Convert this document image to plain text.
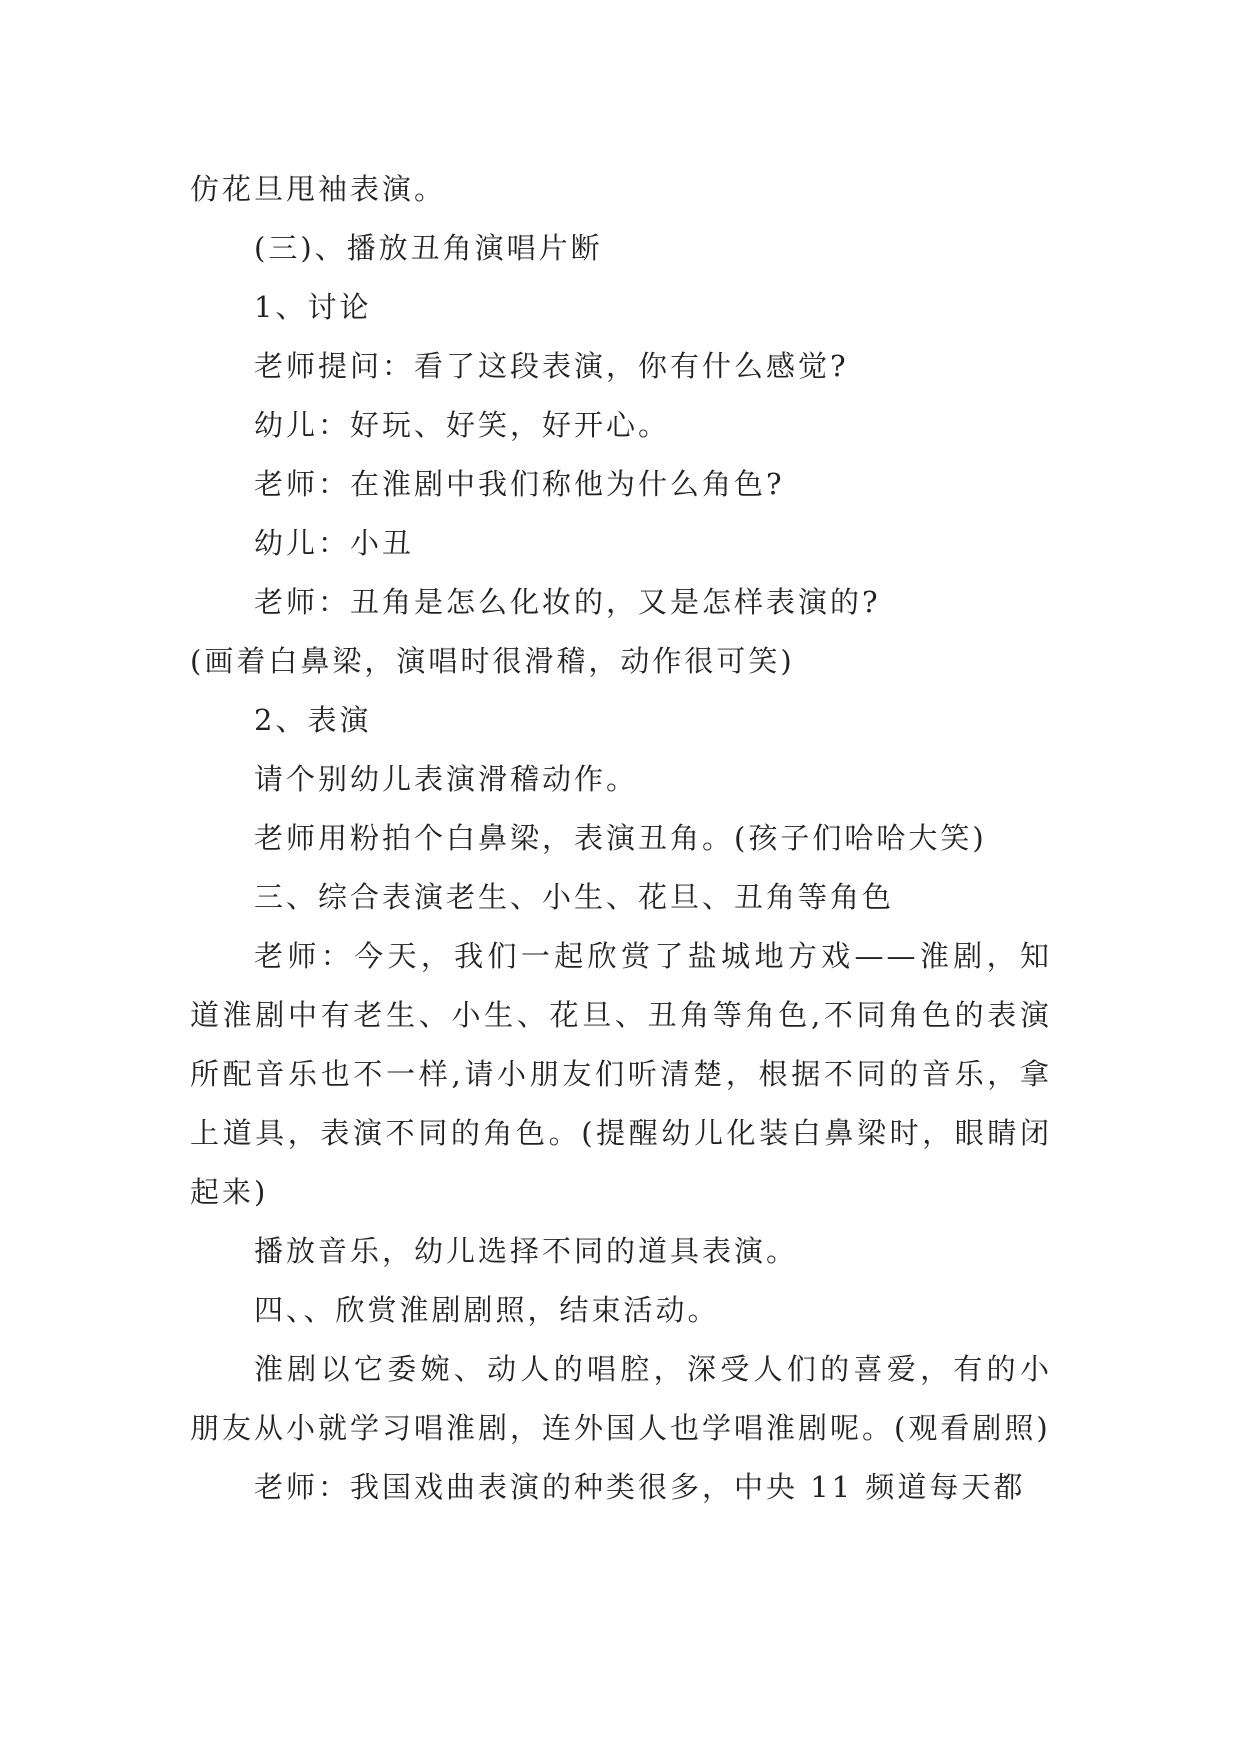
仿花旦甩袖表演。

(三)、播放丑角演唱片断

1、讨论

老师提问：看了这段表演，你有什么感觉?

幼儿：好玩、好笑，好开心。

老师：在淮剧中我们称他为什么角色?

幼儿：小丑

老师：丑角是怎么化妆的，又是怎样表演的?

(画着白鼻梁，演唱时很滑稽，动作很可笑)

2、表演

请个别幼儿表演滑稽动作。

老师用粉拍个白鼻梁，表演丑角。(孩子们哈哈大笑)

三、综合表演老生、小生、花旦、丑角等角色

老师：今天，我们一起欣赏了盐城地方戏——淮剧，知道淮剧中有老生、小生、花旦、丑角等角色,不同角色的表演所配音乐也不一样,请小朋友们听清楚，根据不同的音乐，拿上道具，表演不同的角色。(提醒幼儿化装白鼻梁时，眼睛闭起来)

播放音乐，幼儿选择不同的道具表演。

四、、欣赏淮剧剧照，结束活动。

淮剧以它委婉、动人的唱腔，深受人们的喜爱，有的小朋友从小就学习唱淮剧，连外国人也学唱淮剧呢。(观看剧照)

老师：我国戏曲表演的种类很多，中央 11 频道每天都
